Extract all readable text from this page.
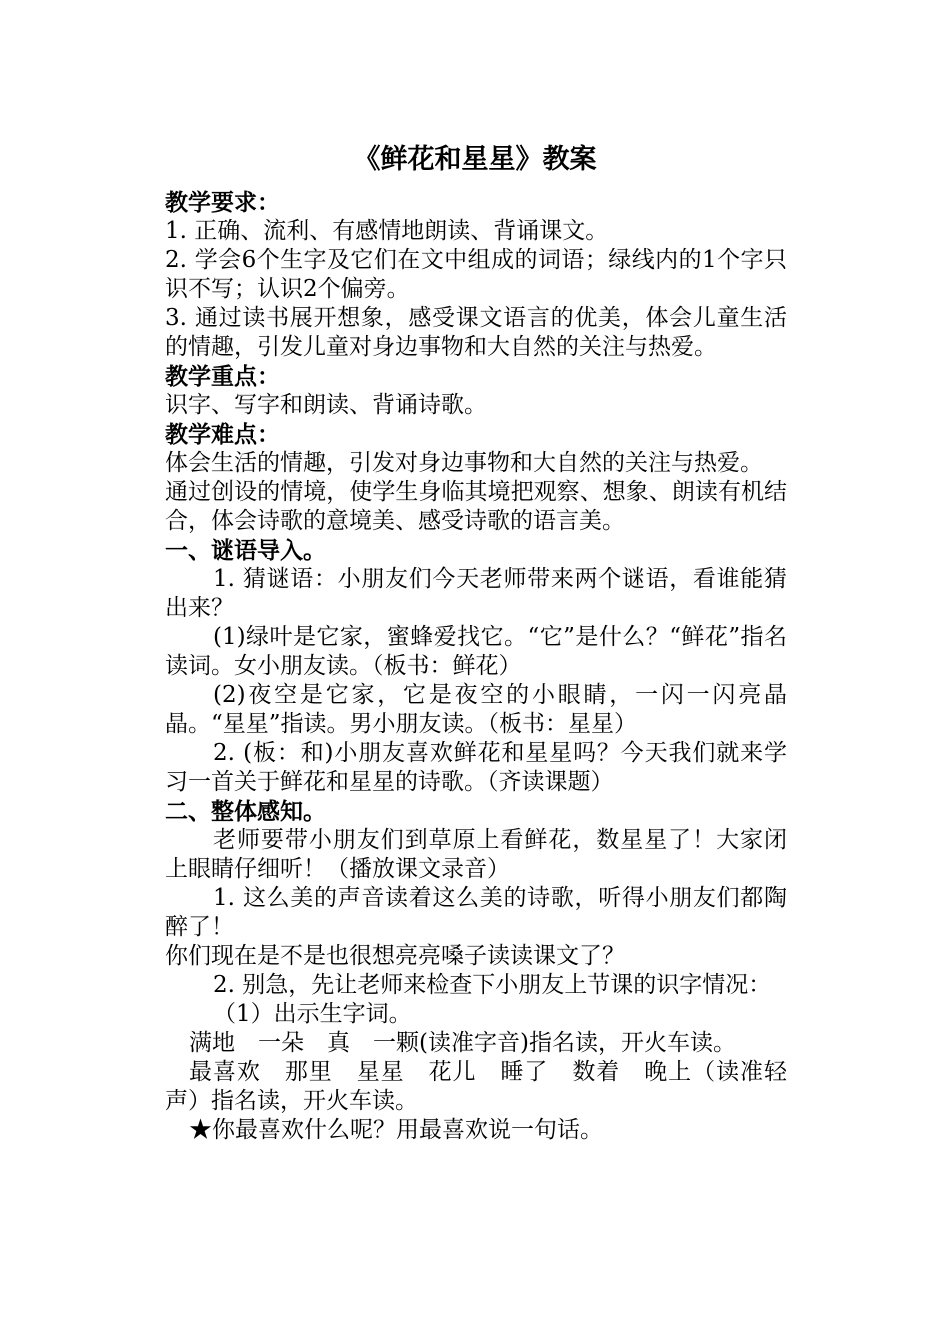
《鲜花和星星》教案

教学要求：

1. 正确、流利、有感情地朗读、背诵课文。

2. 学会6个生字及它们在文中组成的词语；绿线内的1个字只识不写；认识2个偏旁。

3. 通过读书展开想象，感受课文语言的优美，体会儿童生活的情趣，引发儿童对身边事物和大自然的关注与热爱。

教学重点：

识字、写字和朗读、背诵诗歌。

教学难点：

体会生活的情趣，引发对身边事物和大自然的关注与热爱。

通过创设的情境，使学生身临其境把观察、想象、朗读有机结合，体会诗歌的意境美、感受诗歌的语言美。

一、谜语导入。

1. 猜谜语：小朋友们今天老师带来两个谜语，看谁能猜出来？

(1)绿叶是它家，蜜蜂爱找它。“它”是什么？“鲜花”指名读词。女小朋友读。（板书：鲜花）

(2)夜空是它家，它是夜空的小眼睛，一闪一闪亮晶晶。“星星”指读。男小朋友读。（板书：星星）

2. (板：和)小朋友喜欢鲜花和星星吗？今天我们就来学习一首关于鲜花和星星的诗歌。（齐读课题）

二、整体感知。

老师要带小朋友们到草原上看鲜花，数星星了！大家闭上眼睛仔细听！（播放课文录音）

1. 这么美的声音读着这么美的诗歌，听得小朋友们都陶醉了！

你们现在是不是也很想亮亮嗓子读读课文了？

2. 别急，先让老师来检查下小朋友上节课的识字情况：

（1）出示生字词。

满地　一朵　真　一颗(读准字音)指名读，开火车读。

最喜欢　那里　星星　花儿　睡了　数着　晚上（读准轻声）指名读，开火车读。

★你最喜欢什么呢？用最喜欢说一句话。
